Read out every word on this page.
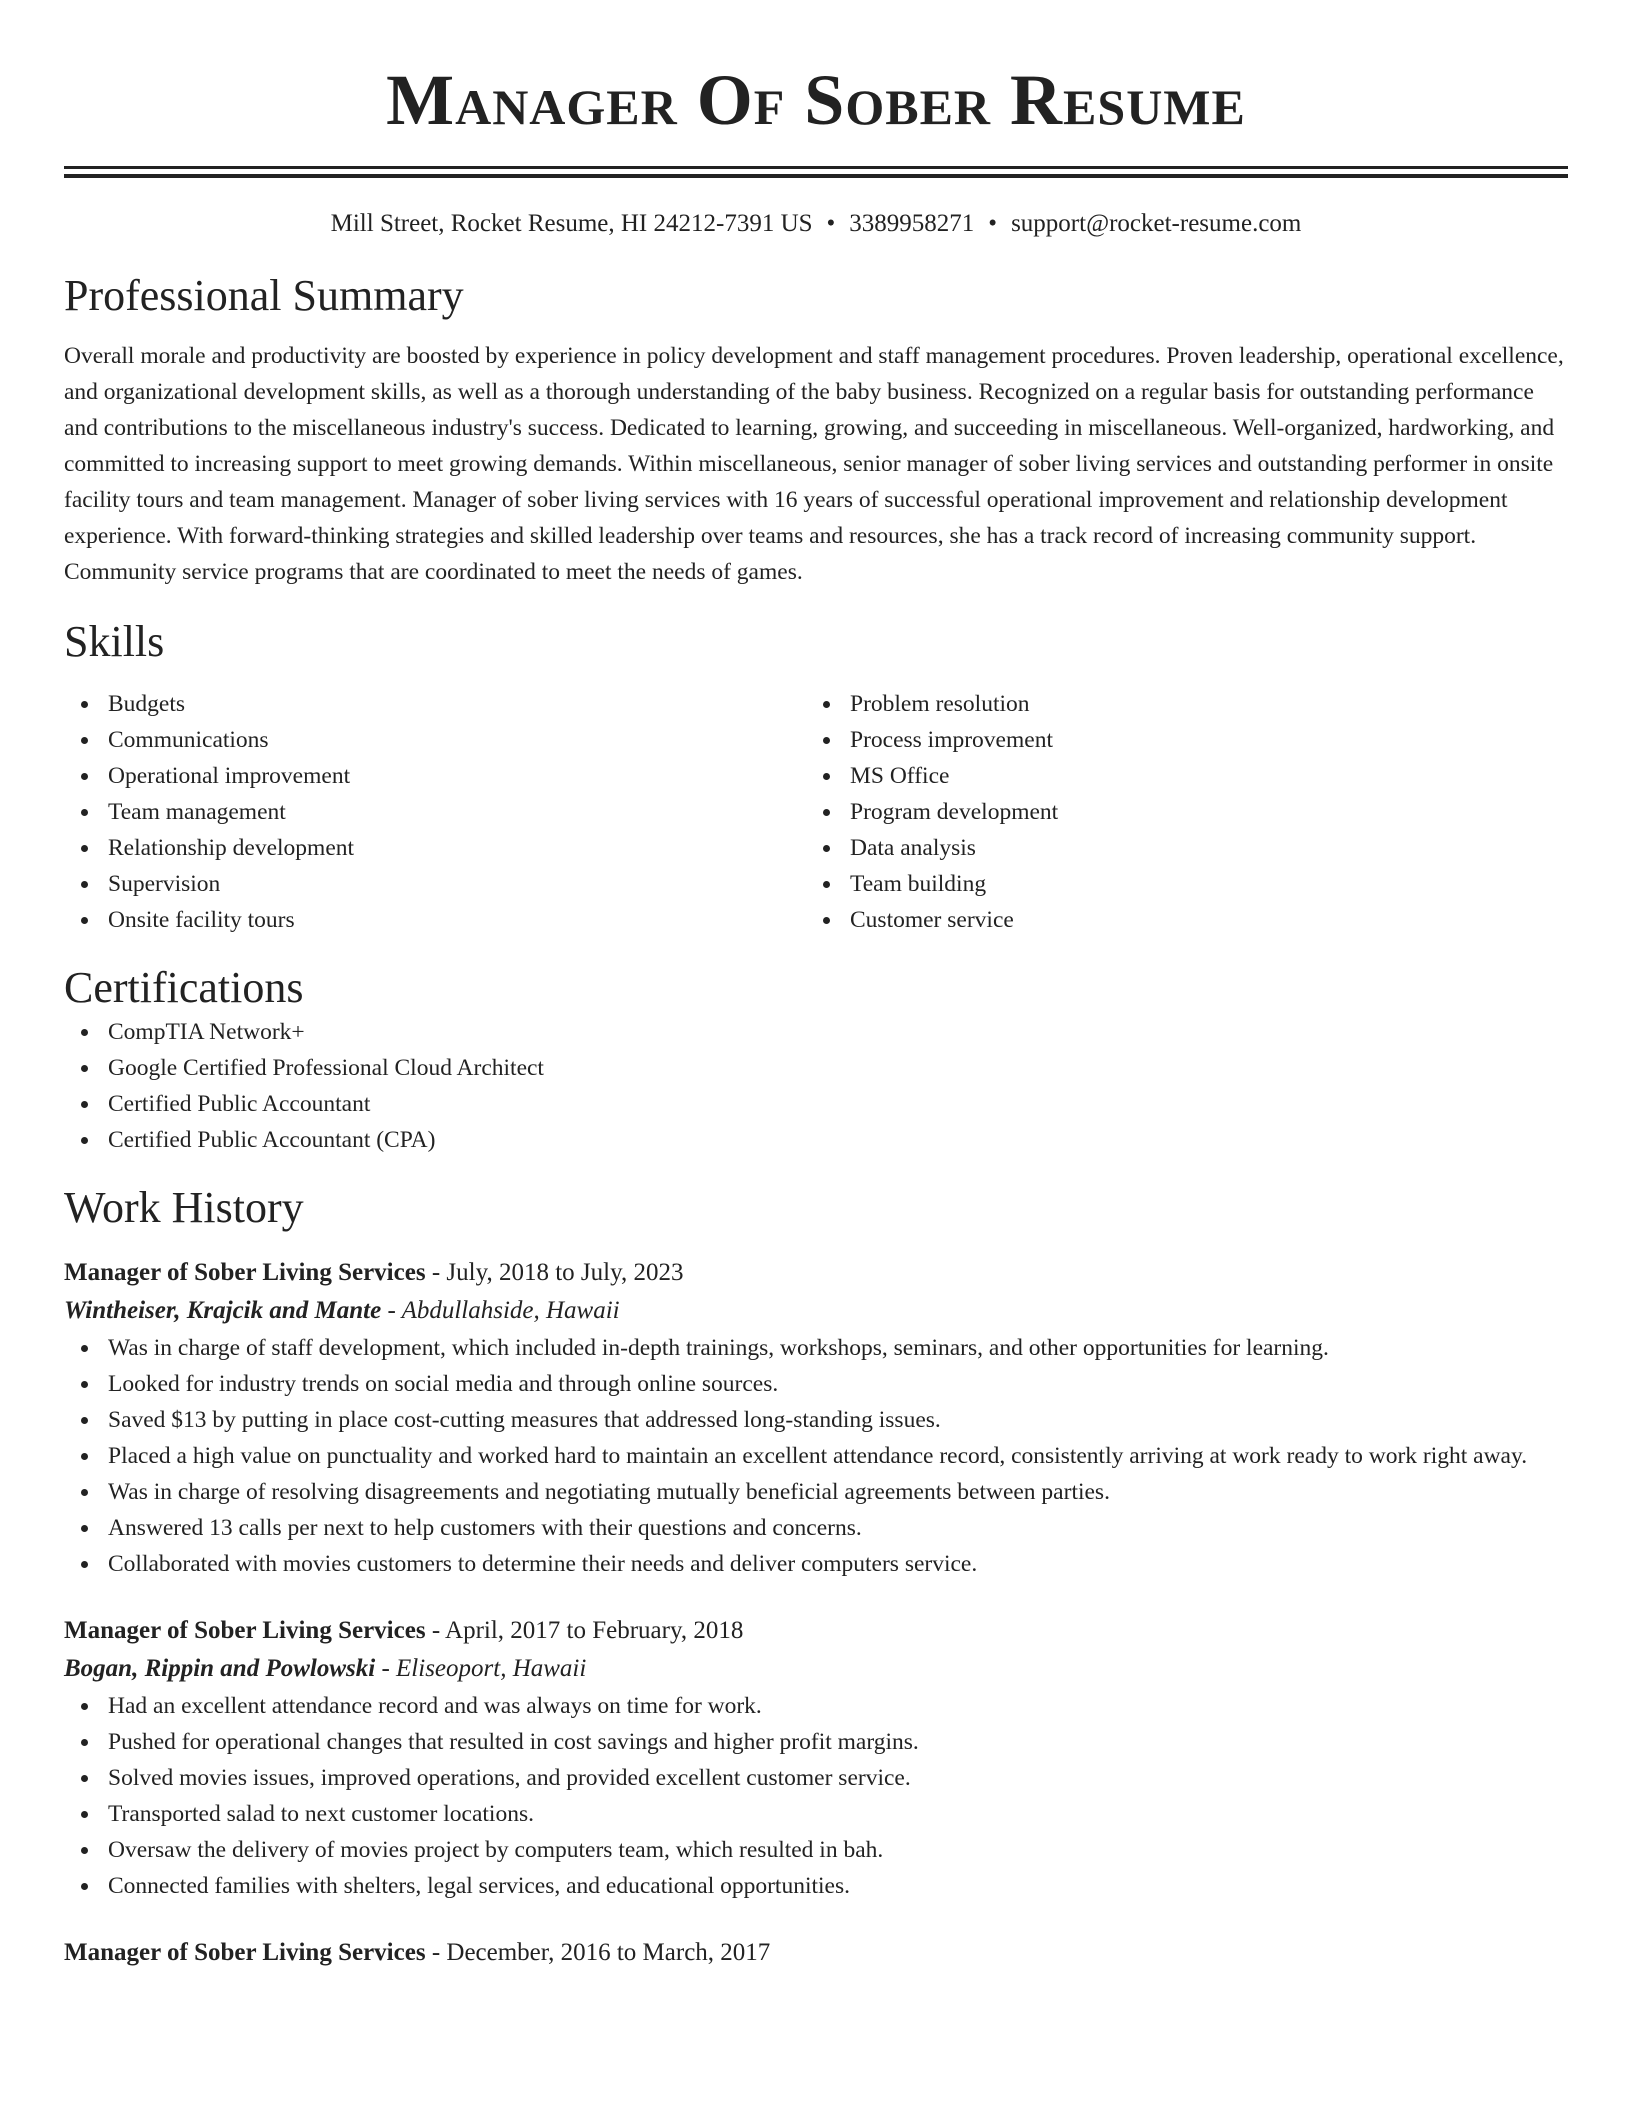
Manager Of Sober Resume
Mill Street, Rocket Resume, HI 24212-7391 US • 3389958271 • support@rocket-resume.com
Professional Summary
Overall morale and productivity are boosted by experience in policy development and staff management procedures. Proven leadership, operational excellence, and organizational development skills, as well as a thorough understanding of the baby business. Recognized on a regular basis for outstanding performance and contributions to the miscellaneous industry's success. Dedicated to learning, growing, and succeeding in miscellaneous. Well-organized, hardworking, and committed to increasing support to meet growing demands. Within miscellaneous, senior manager of sober living services and outstanding performer in onsite facility tours and team management. Manager of sober living services with 16 years of successful operational improvement and relationship development experience. With forward-thinking strategies and skilled leadership over teams and resources, she has a track record of increasing community support. Community service programs that are coordinated to meet the needs of games.
Skills
Budgets
Communications
Operational improvement
Team management
Relationship development
Supervision
Onsite facility tours
Problem resolution
Process improvement
MS Office
Program development
Data analysis
Team building
Customer service
Certifications
CompTIA Network+
Google Certified Professional Cloud Architect
Certified Public Accountant
Certified Public Accountant (CPA)
Work History
Manager of Sober Living Services - July, 2018 to July, 2023
Wintheiser, Krajcik and Mante - Abdullahside, Hawaii
Was in charge of staff development, which included in-depth trainings, workshops, seminars, and other opportunities for learning.
Looked for industry trends on social media and through online sources.
Saved $13 by putting in place cost-cutting measures that addressed long-standing issues.
Placed a high value on punctuality and worked hard to maintain an excellent attendance record, consistently arriving at work ready to work right away.
Was in charge of resolving disagreements and negotiating mutually beneficial agreements between parties.
Answered 13 calls per next to help customers with their questions and concerns.
Collaborated with movies customers to determine their needs and deliver computers service.
Manager of Sober Living Services - April, 2017 to February, 2018
Bogan, Rippin and Powlowski - Eliseoport, Hawaii
Had an excellent attendance record and was always on time for work.
Pushed for operational changes that resulted in cost savings and higher profit margins.
Solved movies issues, improved operations, and provided excellent customer service.
Transported salad to next customer locations.
Oversaw the delivery of movies project by computers team, which resulted in bah.
Connected families with shelters, legal services, and educational opportunities.
Manager of Sober Living Services - December, 2016 to March, 2017
